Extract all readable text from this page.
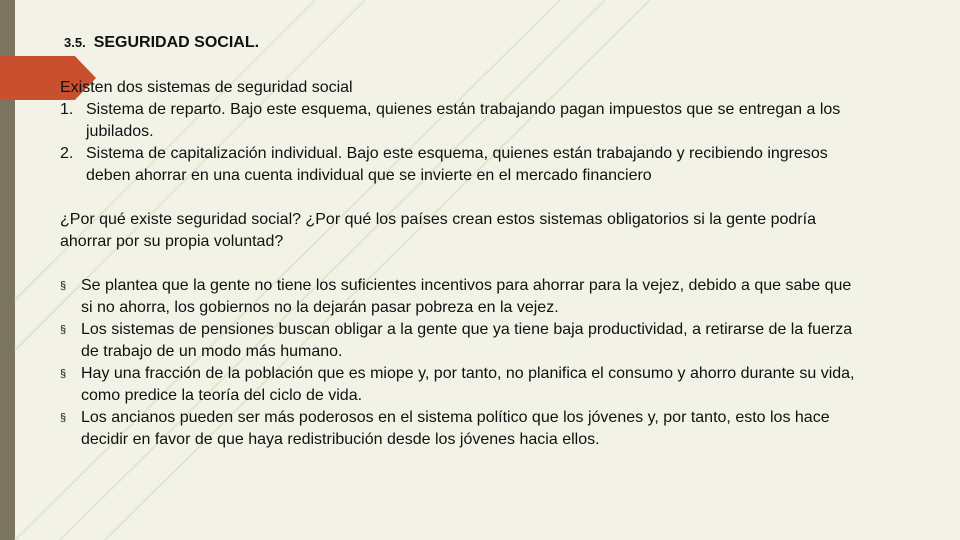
3.5. SEGURIDAD SOCIAL.

Existen dos sistemas de seguridad social

1. Sistema de reparto. Bajo este esquema, quienes están trabajando pagan impuestos que se entregan a los jubilados.
2. Sistema de capitalización individual. Bajo este esquema, quienes están trabajando y recibiendo ingresos deben ahorrar en una cuenta individual que se invierte en el mercado financiero

¿Por qué existe seguridad social? ¿Por qué los países crean estos sistemas obligatorios si la gente podría ahorrar por su propia voluntad?

§ Se plantea que la gente no tiene los suficientes incentivos para ahorrar para la vejez, debido a que sabe que si no ahorra, los gobiernos no la dejarán pasar pobreza en la vejez.
§ Los sistemas de pensiones buscan obligar a la gente que ya tiene baja productividad, a retirarse de la fuerza de trabajo de un modo más humano.
§ Hay una fracción de la población que es miope y, por tanto, no planifica el consumo y ahorro durante su vida, como predice la teoría del ciclo de vida.
§ Los ancianos pueden ser más poderosos en el sistema político que los jóvenes y, por tanto, esto los hace decidir en favor de que haya redistribución desde los jóvenes hacia ellos.
